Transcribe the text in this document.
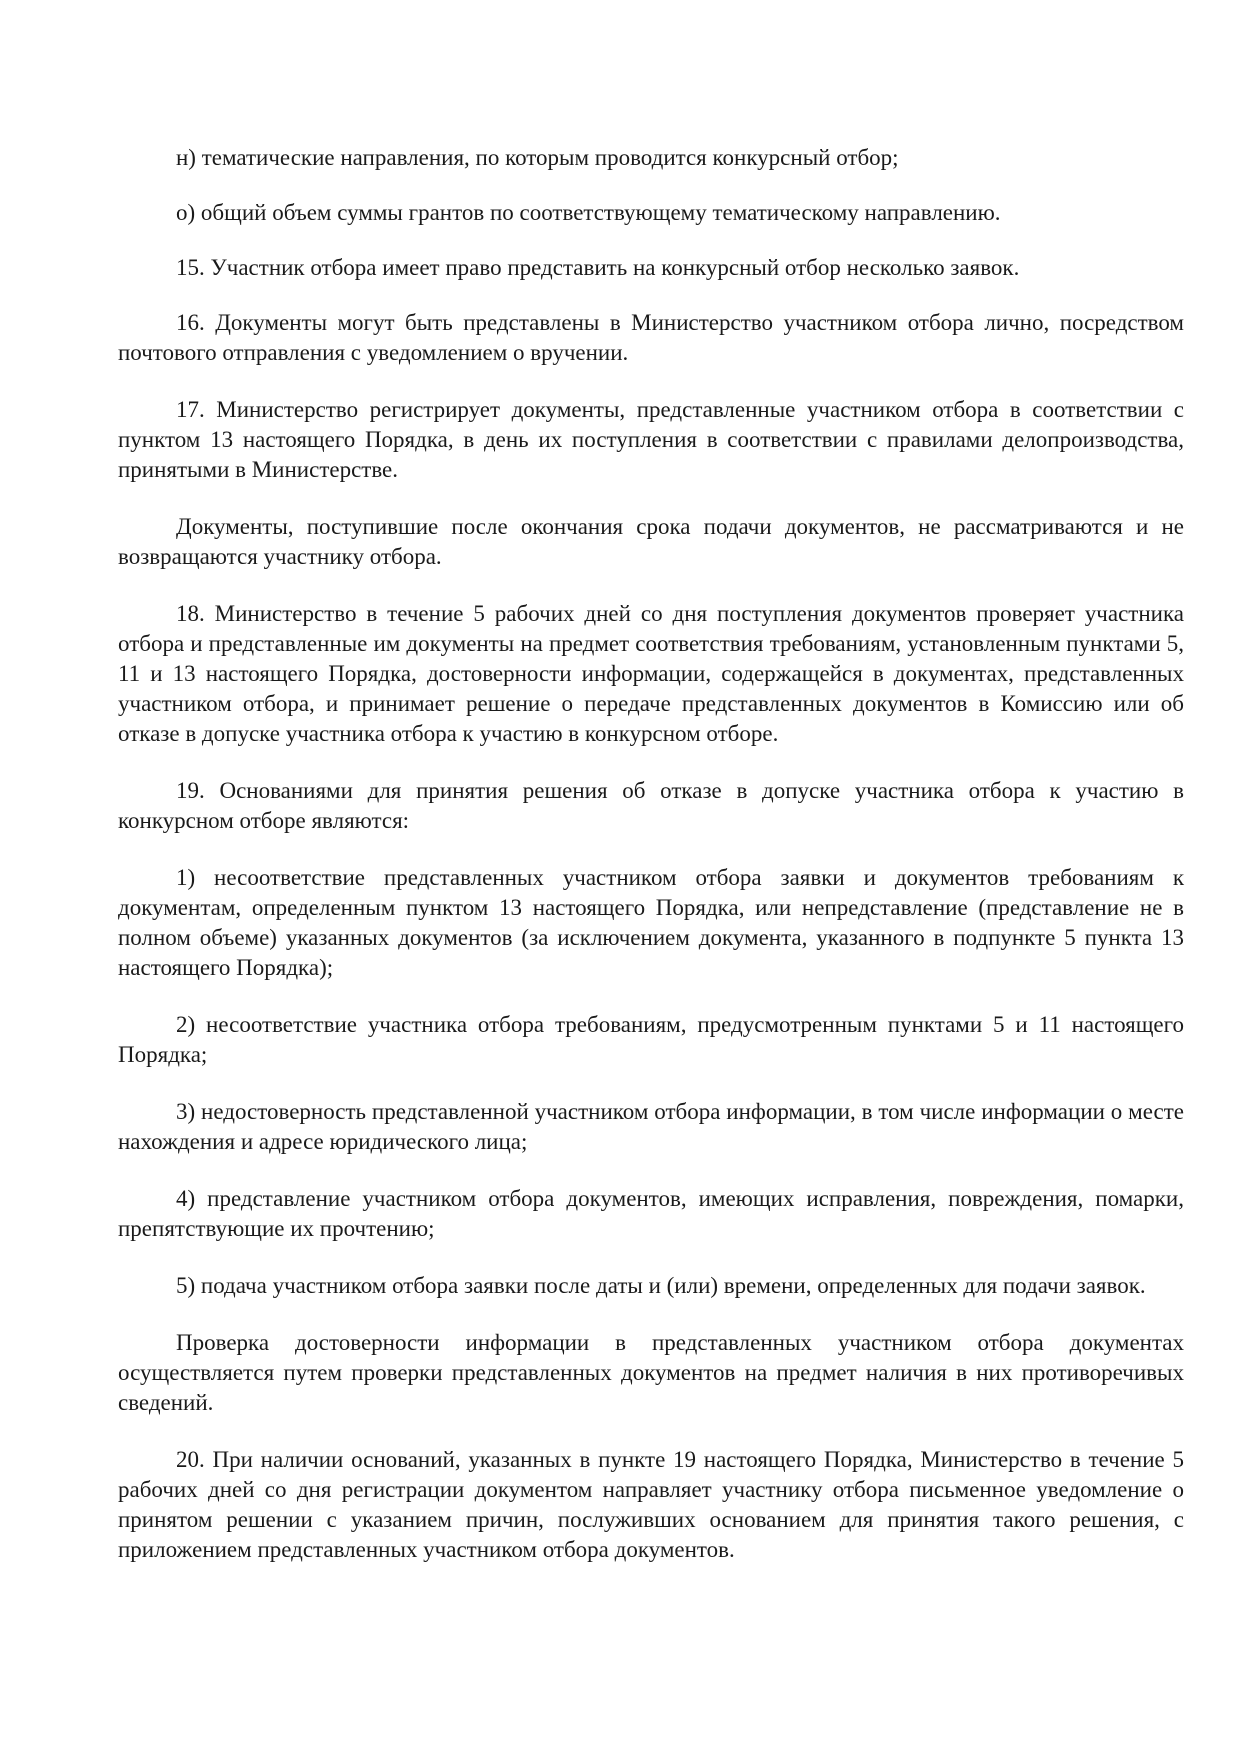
н) тематические направления, по которым проводится конкурсный отбор;

о) общий объем суммы грантов по соответствующему тематическому направлению.

15. Участник отбора имеет право представить на конкурсный отбор несколько заявок.

16. Документы могут быть представлены в Министерство участником отбора лично, посредством почтового отправления с уведомлением о вручении.

17. Министерство регистрирует документы, представленные участником отбора в соответствии с пунктом 13 настоящего Порядка, в день их поступления в соответствии с правилами делопроизводства, принятыми в Министерстве.

Документы, поступившие после окончания срока подачи документов, не рассматриваются и не возвращаются участнику отбора.

18. Министерство в течение 5 рабочих дней со дня поступления документов проверяет участника отбора и представленные им документы на предмет соответствия требованиям, установленным пунктами 5, 11 и 13 настоящего Порядка, достоверности информации, содержащейся в документах, представленных участником отбора, и принимает решение о передаче представленных документов в Комиссию или об отказе в допуске участника отбора к участию в конкурсном отборе.

19. Основаниями для принятия решения об отказе в допуске участника отбора к участию в конкурсном отборе являются:

1) несоответствие представленных участником отбора заявки и документов требованиям к документам, определенным пунктом 13 настоящего Порядка, или непредставление (представление не в полном объеме) указанных документов (за исключением документа, указанного в подпункте 5 пункта 13 настоящего Порядка);

2) несоответствие участника отбора требованиям, предусмотренным пунктами 5 и 11 настоящего Порядка;

3) недостоверность представленной участником отбора информации, в том числе информации о месте нахождения и адресе юридического лица;

4) представление участником отбора документов, имеющих исправления, повреждения, помарки, препятствующие их прочтению;

5) подача участником отбора заявки после даты и (или) времени, определенных для подачи заявок.

Проверка достоверности информации в представленных участником отбора документах осуществляется путем проверки представленных документов на предмет наличия в них противоречивых сведений.

20. При наличии оснований, указанных в пункте 19 настоящего Порядка, Министерство в течение 5 рабочих дней со дня регистрации документом направляет участнику отбора письменное уведомление о принятом решении с указанием причин, послуживших основанием для принятия такого решения, с приложением представленных участником отбора документов.
